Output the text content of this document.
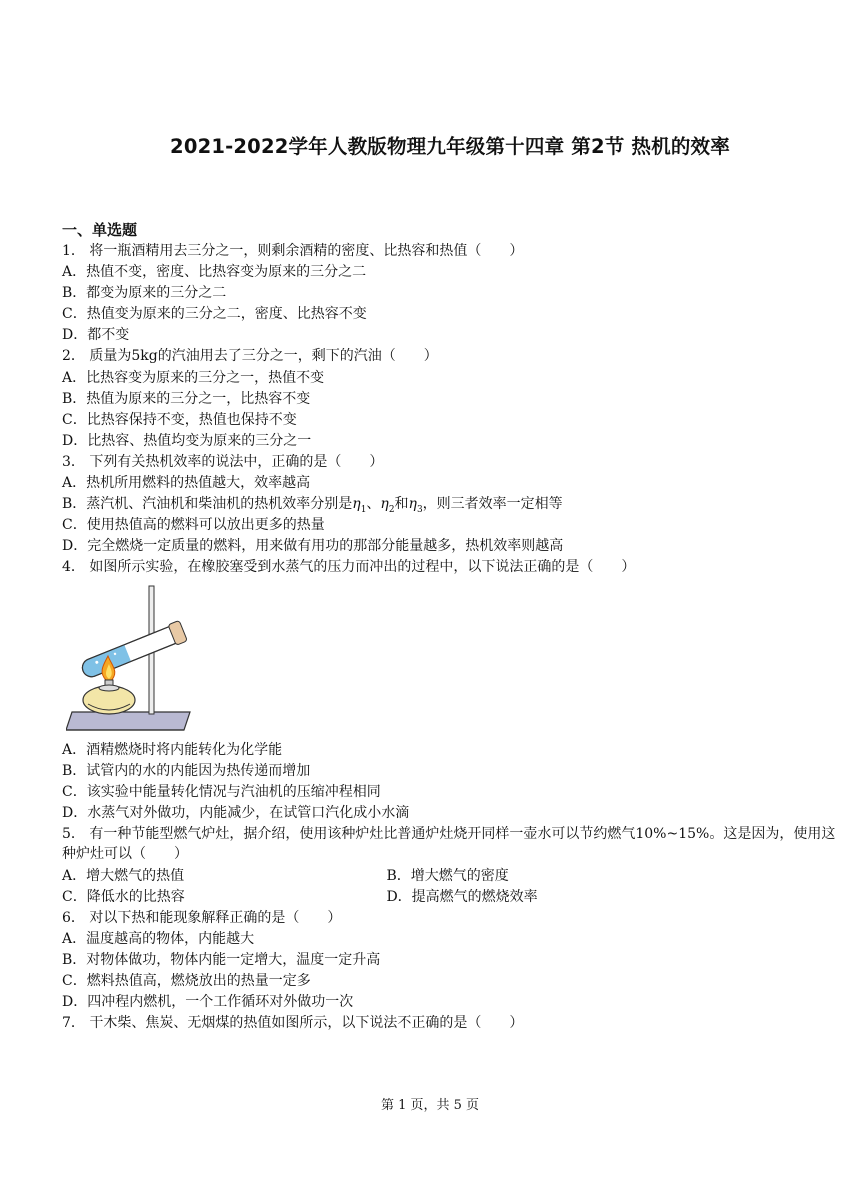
2021-2022学年人教版物理九年级第十四章 第2节 热机的效率
一、单选题
1． 将一瓶酒精用去三分之一，则剩余酒精的密度、比热容和热值（　　）
A．热值不变，密度、比热容变为原来的三分之二
B．都变为原来的三分之二
C．热值变为原来的三分之二，密度、比热容不变
D．都不变
2． 质量为5kg的汽油用去了三分之一，剩下的汽油（　　）
A．比热容变为原来的三分之一，热值不变
B．热值为原来的三分之一，比热容不变
C．比热容保持不变，热值也保持不变
D．比热容、热值均变为原来的三分之一
3． 下列有关热机效率的说法中，正确的是（　　）
A．热机所用燃料的热值越大，效率越高
B．蒸汽机、汽油机和柴油机的热机效率分别是$\eta_1$、$\eta_2$和$\eta_3$，则三者效率一定相等
C．使用热值高的燃料可以放出更多的热量
D．完全燃烧一定质量的燃料，用来做有用功的那部分能量越多，热机效率则越高
4． 如图所示实验，在橡胶塞受到水蒸气的压力而冲出的过程中，以下说法正确的是（　　）
A．酒精燃烧时将内能转化为化学能
B．试管内的水的内能因为热传递而增加
C．该实验中能量转化情况与汽油机的压缩冲程相同
D．水蒸气对外做功，内能减少，在试管口汽化成小水滴
5． 有一种节能型燃气炉灶，据介绍，使用该种炉灶比普通炉灶烧开同样一壶水可以节约燃气10%~15%。这是因为，使用这种炉灶可以（　　）
A．增大燃气的热值	B．增大燃气的密度
C．降低水的比热容	D．提高燃气的燃烧效率
6． 对以下热和能现象解释正确的是（　　）
A．温度越高的物体，内能越大
B．对物体做功，物体内能一定增大，温度一定升高
C．燃料热值高，燃烧放出的热量一定多
D．四冲程内燃机，一个工作循环对外做功一次
7． 干木柴、焦炭、无烟煤的热值如图所示，以下说法不正确的是（　　）
第 1 页，共 5 页
